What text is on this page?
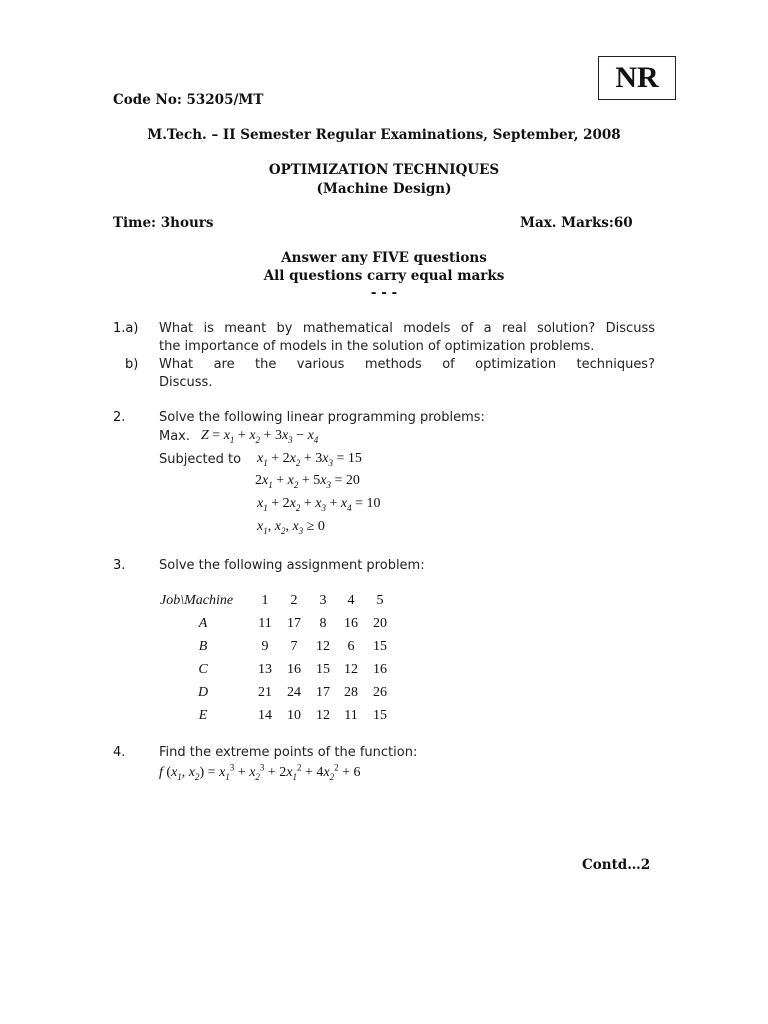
NR
Code No: 53205/MT
M.Tech. – II Semester Regular Examinations, September, 2008
OPTIMIZATION TECHNIQUES
(Machine Design)
Time: 3hours	Max. Marks:60
Answer any FIVE questions
All questions carry equal marks
- - -
1.a) What is meant by mathematical models of a real solution? Discuss
the importance of models in the solution of optimization problems.
b) What are the various methods of optimization techniques?
Discuss.
2.	Solve the following linear programming problems:
Max. $Z = x_1 + x_2 + 3x_3 - x_4$
Subjected to $x_1 + 2x_2 + 3x_3 = 15$
$2x_1 + x_2 + 5x_3 = 20$
$x_1 + 2x_2 + x_3 + x_4 = 10$
$x_1$, $x_2$, $x_3 \ge 0$
3.	Solve the following assignment problem:
Job\Machine	1	2	3	4	5
A	11	17	8	16	20
B	9	7	12	6	15
C	13	16	15	12	16
D	21	24	17	28	26
E	14	10	12	11	15
4.	Find the extreme points of the function:
f ($x_1$, $x_2) = x_1^3 + x_2^3 + 2x_1^2 + 4x_2^2 + 6$
Contd…2
